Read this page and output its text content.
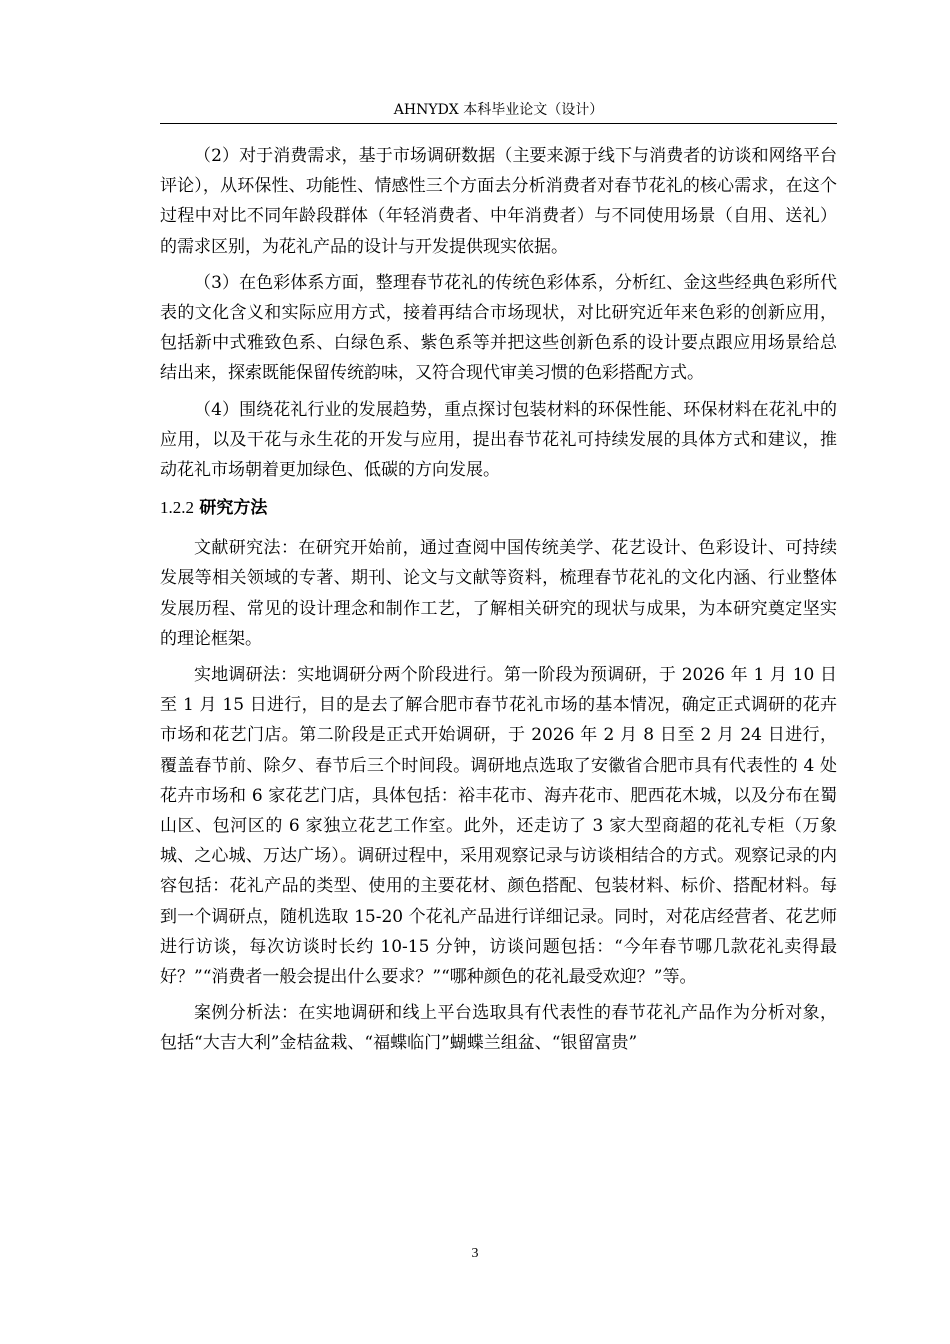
AHNYDX 本科毕业论文（设计）

（2）对于消费需求，基于市场调研数据（主要来源于线下与消费者的访谈和网络平台评论），从环保性、功能性、情感性三个方面去分析消费者对春节花礼的核心需求，在这个过程中对比不同年龄段群体（年轻消费者、中年消费者）与不同使用场景（自用、送礼）的需求区别，为花礼产品的设计与开发提供现实依据。

（3）在色彩体系方面，整理春节花礼的传统色彩体系，分析红、金这些经典色彩所代表的文化含义和实际应用方式，接着再结合市场现状，对比研究近年来色彩的创新应用，包括新中式雅致色系、白绿色系、紫色系等并把这些创新色系的设计要点跟应用场景给总结出来，探索既能保留传统韵味，又符合现代审美习惯的色彩搭配方式。

（4）围绕花礼行业的发展趋势，重点探讨包装材料的环保性能、环保材料在花礼中的应用，以及干花与永生花的开发与应用，提出春节花礼可持续发展的具体方式和建议，推动花礼市场朝着更加绿色、低碳的方向发展。

1.2.2 研究方法

文献研究法：在研究开始前，通过查阅中国传统美学、花艺设计、色彩设计、可持续发展等相关领域的专著、期刊、论文与文献等资料，梳理春节花礼的文化内涵、行业整体发展历程、常见的设计理念和制作工艺，了解相关研究的现状与成果，为本研究奠定坚实的理论框架。

实地调研法：实地调研分两个阶段进行。第一阶段为预调研，于 2026 年 1 月 10 日至 1 月 15 日进行，目的是去了解合肥市春节花礼市场的基本情况，确定正式调研的花卉市场和花艺门店。第二阶段是正式开始调研，于 2026 年 2 月 8 日至 2 月 24 日进行，覆盖春节前、除夕、春节后三个时间段。调研地点选取了安徽省合肥市具有代表性的 4 处花卉市场和 6 家花艺门店，具体包括：裕丰花市、海卉花市、肥西花木城，以及分布在蜀山区、包河区的 6 家独立花艺工作室。此外，还走访了 3 家大型商超的花礼专柜（万象城、之心城、万达广场）。调研过程中，采用观察记录与访谈相结合的方式。观察记录的内容包括：花礼产品的类型、使用的主要花材、颜色搭配、包装材料、标价、搭配材料。每到一个调研点，随机选取 15-20 个花礼产品进行详细记录。同时，对花店经营者、花艺师进行访谈，每次访谈时长约 10-15 分钟，访谈问题包括：“今年春节哪几款花礼卖得最好？”“消费者一般会提出什么要求？”“哪种颜色的花礼最受欢迎？”等。

案例分析法：在实地调研和线上平台选取具有代表性的春节花礼产品作为分析对象，包括“大吉大利”金桔盆栽、“福蝶临门”蝴蝶兰组盆、“银留富贵”

3
